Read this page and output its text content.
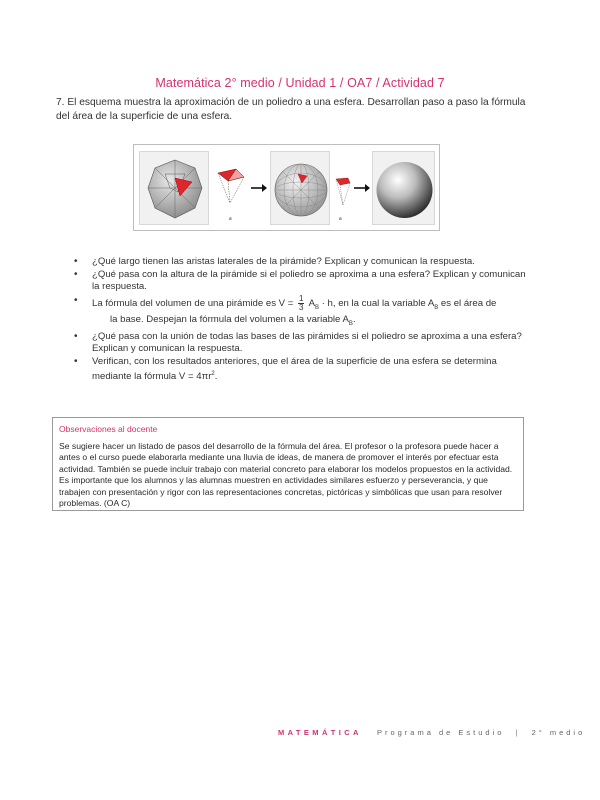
Matemática 2° medio / Unidad 1 / OA7 / Actividad 7

7. El esquema muestra la aproximación de un poliedro a una esfera. Desarrollan paso a paso la fórmula del área de la superficie de una esfera.

a	a
• ¿Qué largo tienen las aristas laterales de la pirámide? Explican y comunican la respuesta.
• ¿Qué pasa con la altura de la pirámide si el poliedro se aproxima a una esfera? Explican y comunican la respuesta.
• La fórmula del volumen de una pirámide es $V = \frac{1}{3} A_B \cdot h$, en la cual la variable $A_B$ es el área de
la base. Despejan la fórmula del volumen a la variable $A_B$.
• ¿Qué pasa con la unión de todas las bases de las pirámides si el poliedro se aproxima a una esfera? Explican y comunican la respuesta.
• Verifican, con los resultados anteriores, que el área de la superficie de una esfera se determina mediante la fórmula $V = 4\pi r^2$.
Observaciones al docente
Se sugiere hacer un listado de pasos del desarrollo de la fórmula del área. El profesor o la profesora puede hacer a antes o el curso puede elaborarla mediante una lluvia de ideas, de manera de promover el interés por efectuar esta actividad. También se puede incluir trabajo con material concreto para elaborar los modelos propuestos en la actividad. Es importante que los alumnos y las alumnas muestren en actividades similares esfuerzo y perseverancia, y que trabajen con presentación y rigor con las representaciones concretas, pictóricas y simbólicas que usan para resolver problemas. (OA C)
MATEMÁTICA Programa de Estudio | 2° medio
